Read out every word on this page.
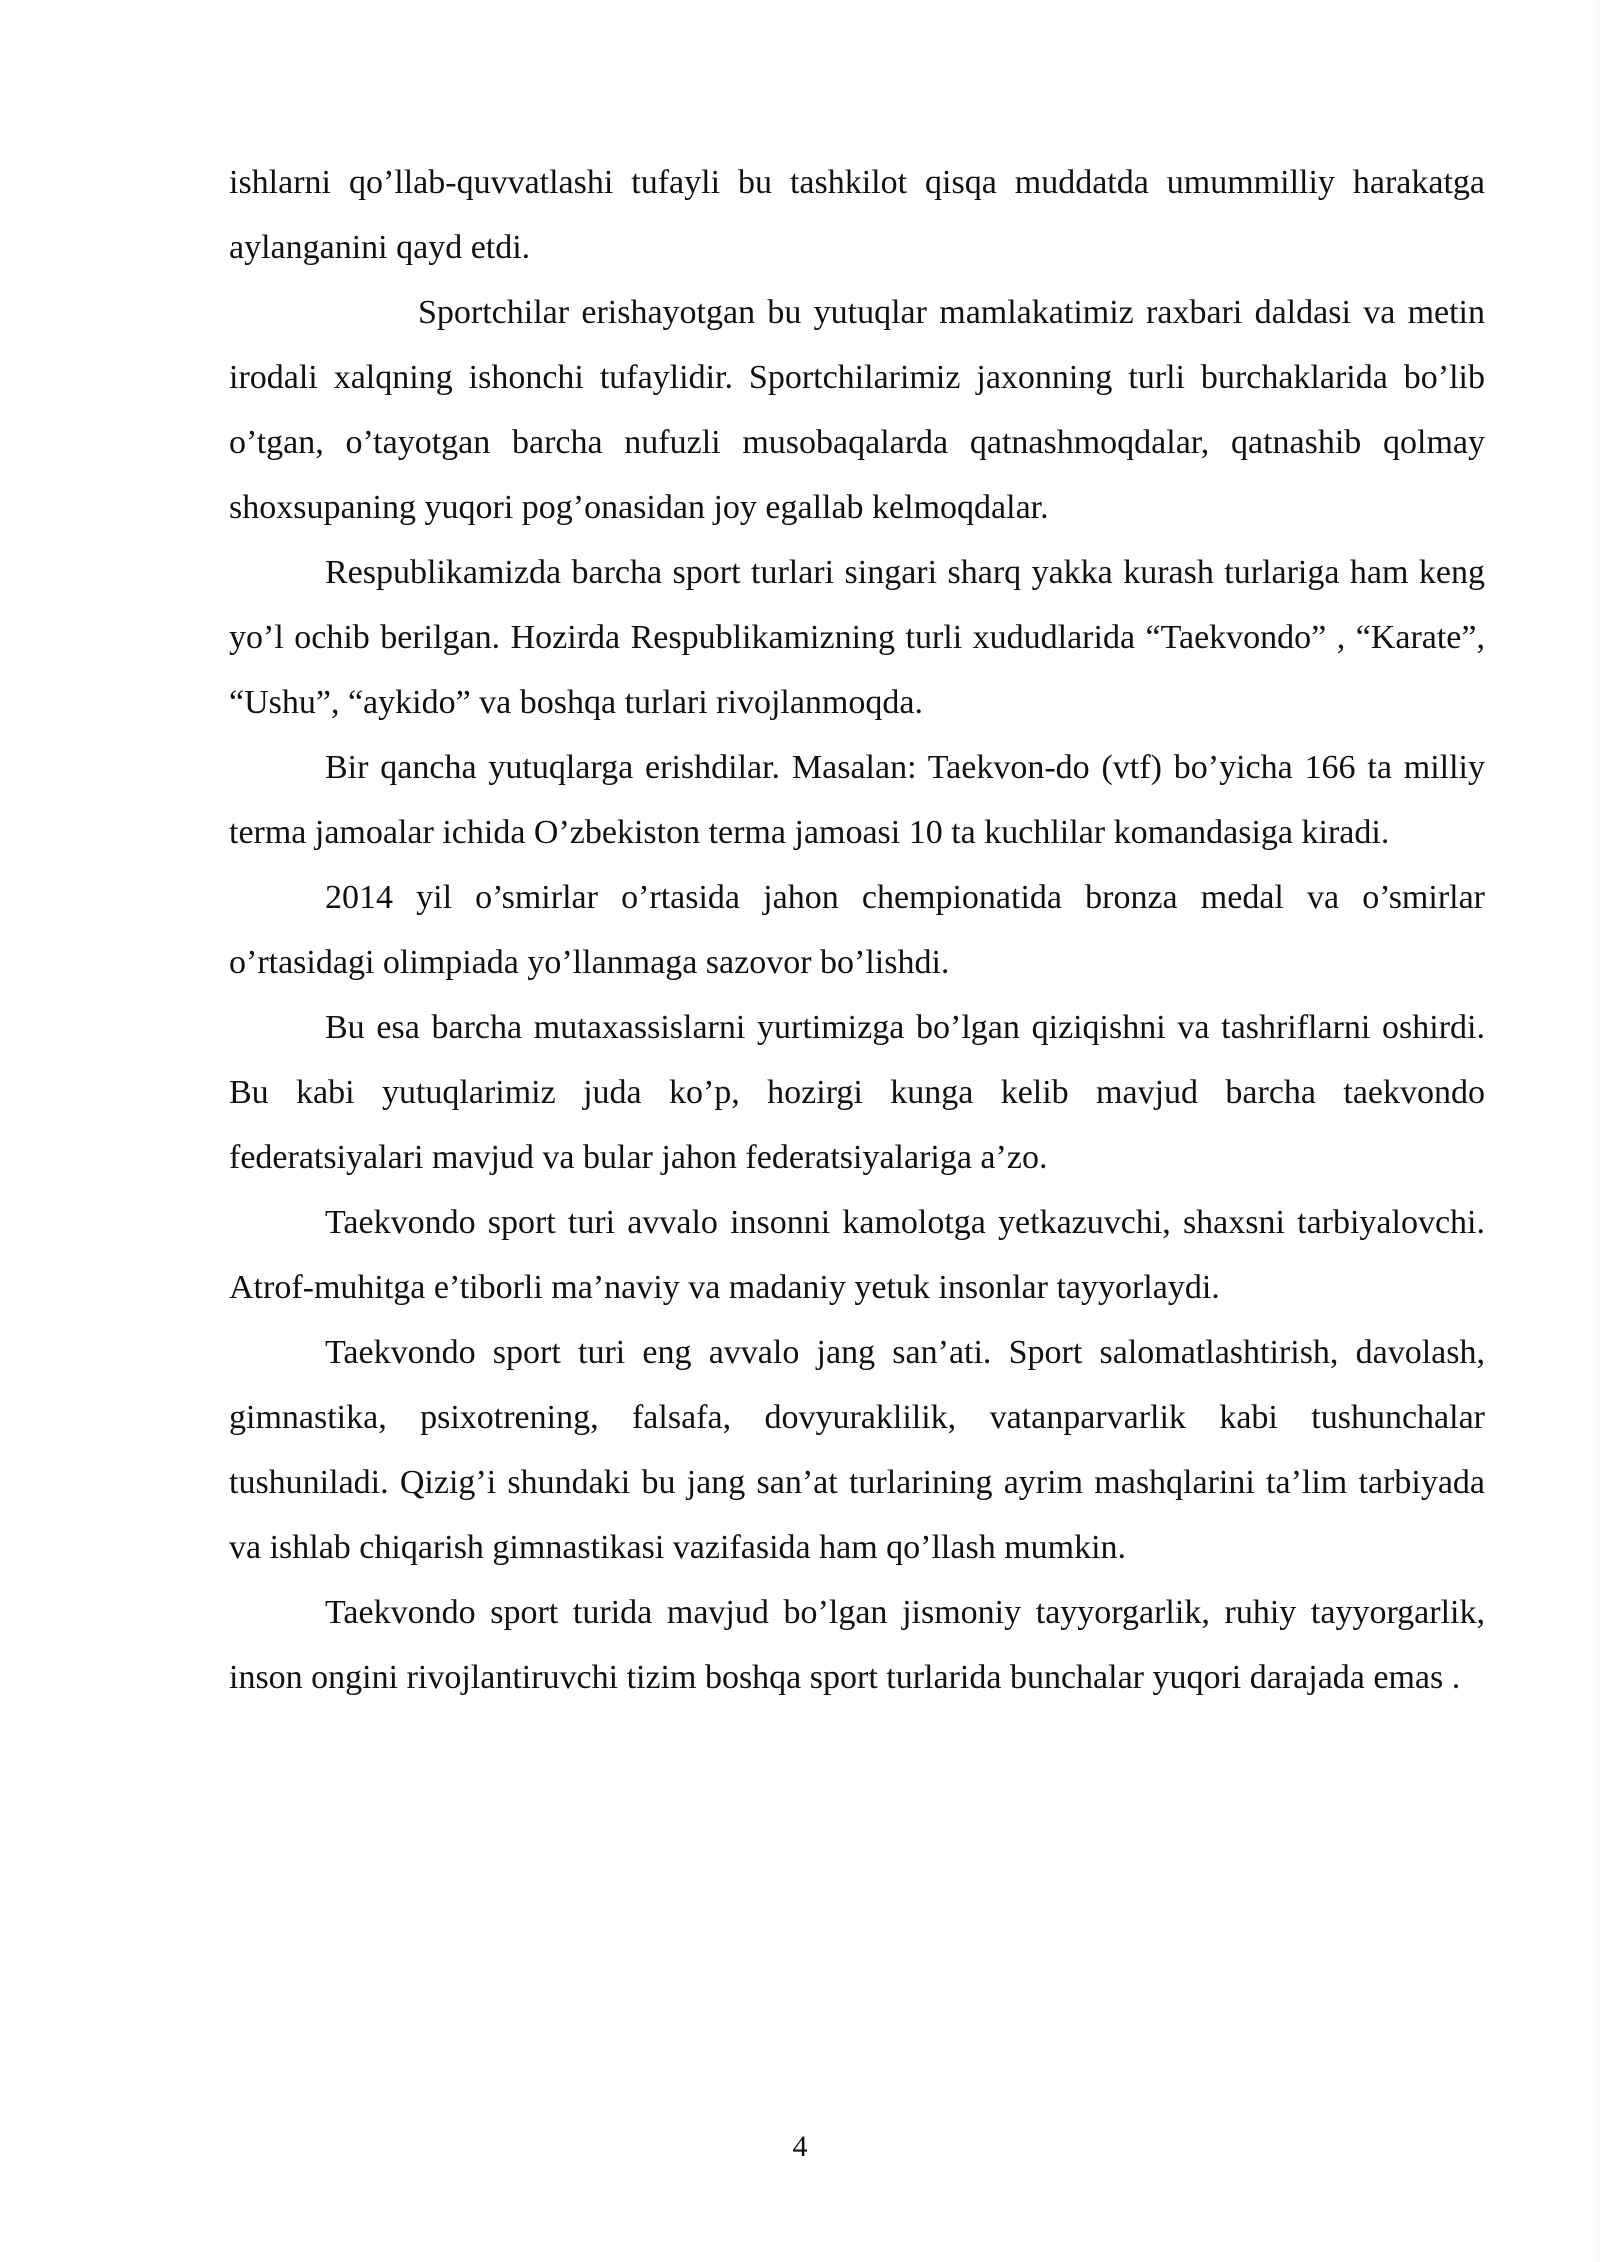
ishlarni qo’llab-quvvatlashi tufayli bu tashkilot qisqa muddatda umummilliy harakatga aylanganini qayd etdi.

Sportchilar erishayotgan bu yutuqlar mamlakatimiz raxbari daldasi va metin irodali xalqning ishonchi tufaylidir. Sportchilarimiz jaxonning turli burchaklarida bo’lib o’tgan, o’tayotgan barcha nufuzli musobaqalarda qatnashmoqdalar, qatnashib qolmay shoxsupaning yuqori pog’onasidan joy egallab kelmoqdalar.

Respublikamizda barcha sport turlari singari sharq yakka kurash turlariga ham keng yo’l ochib berilgan. Hozirda Respublikamizning turli xududlarida “Taekvondo” , “Karate”, “Ushu”, “aykido” va boshqa turlari rivojlanmoqda.

Bir qancha yutuqlarga erishdilar. Masalan: Taekvon-do (vtf) bo’yicha 166 ta milliy terma jamoalar ichida O’zbekiston terma jamoasi 10 ta kuchlilar komandasiga kiradi.

2014 yil o’smirlar o’rtasida jahon chempionatida bronza medal va o’smirlar o’rtasidagi olimpiada yo’llanmaga sazovor bo’lishdi.

Bu esa barcha mutaxassislarni yurtimizga bo’lgan qiziqishni va tashriflarni oshirdi. Bu kabi yutuqlarimiz juda ko’p, hozirgi kunga kelib mavjud barcha taekvondo federatsiyalari mavjud va bular jahon federatsiyalariga a’zo.

Taekvondo sport turi avvalo insonni kamolotga yetkazuvchi, shaxsni tarbiyalovchi. Atrof-muhitga e’tiborli ma’naviy va madaniy yetuk insonlar tayyorlaydi.

Taekvondo sport turi eng avvalo jang san’ati. Sport salomatlashtirish, davolash, gimnastika, psixotrening, falsafa, dovyuraklilik, vatanparvarlik kabi tushunchalar tushuniladi. Qizig’i shundaki bu jang san’at turlarining ayrim mashqlarini ta’lim tarbiyada va ishlab chiqarish gimnastikasi vazifasida ham qo’llash mumkin.

Taekvondo sport turida mavjud bo’lgan jismoniy tayyorgarlik, ruhiy tayyorgarlik, inson ongini rivojlantiruvchi tizim boshqa sport turlarida bunchalar yuqori darajada emas .

4
